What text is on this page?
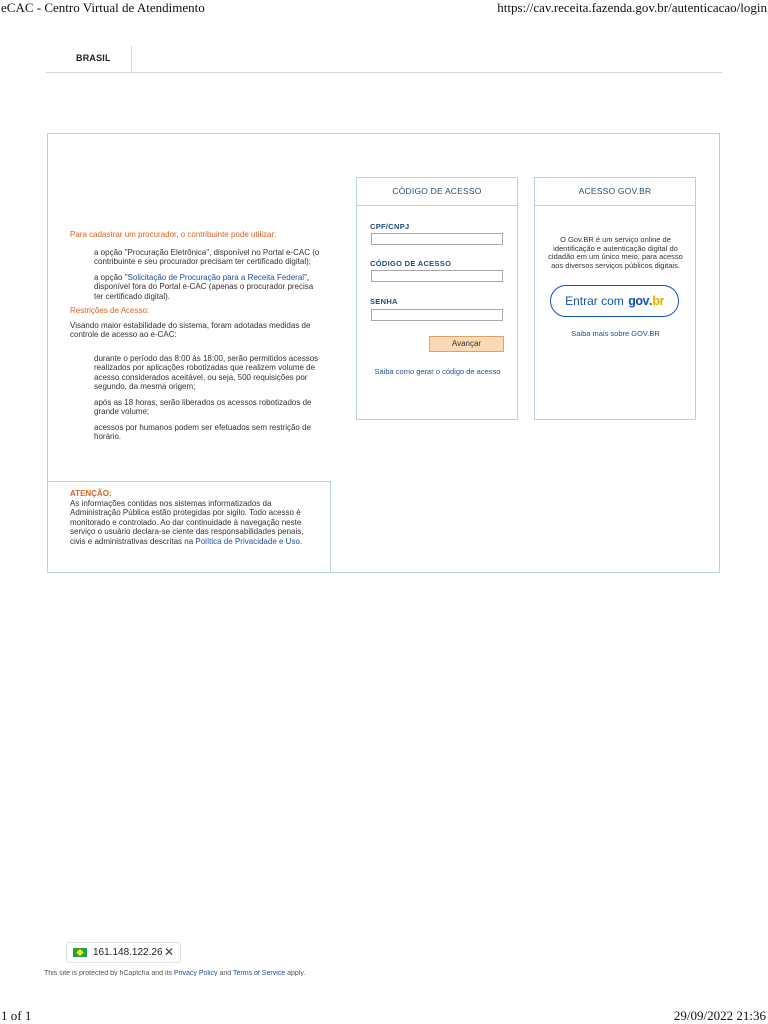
eCAC - Centro Virtual de Atendimento	https://cav.receita.fazenda.gov.br/autenticacao/login
BRASIL

Para cadastrar um procurador, o contribuinte pode utilizar:

a opção "Procuração Eletrônica", disponível no Portal e-CAC (o contribuinte e seu procurador precisam ter certificado digital);

a opção "Solicitação de Procuração para a Receita Federal", disponível fora do Portal e-CAC (apenas o procurador precisa ter certificado digital).

Restrições de Acesso:

Visando maior estabilidade do sistema, foram adotadas medidas de controle de acesso ao e-CAC:

durante o período das 8:00 às 18:00, serão permitidos acessos realizados por aplicações robotizadas que realizem volume de acesso considerados aceitável, ou seja, 500 requisições por segundo, da mesma origem;

após as 18 horas, serão liberados os acessos robotizados de grande volume;

acessos por humanos podem ser efetuados sem restrição de horário.

ATENÇÃO:
As informações contidas nos sistemas informatizados da Administração Pública estão protegidas por sigilo. Todo acesso é monitorado e controlado. Ao dar continuidade à navegação neste serviço o usuário declara-se ciente das responsabilidades penais, civis e administrativas descritas na Política de Privacidade e Uso.
CÓDIGO DE ACESSO
CPF/CNPJ
CÓDIGO DE ACESSO
SENHA
Avançar
Saiba como gerar o código de acesso
ACESSO GOV.BR
O Gov.BR é um serviço online de identificação e autenticação digital do cidadão em um único meio, para acesso aos diversos serviços públicos digitais.
Entrar com gov.br
Saiba mais sobre GOV.BR
161.148.122.26 ✕
This site is protected by hCaptcha and its Privacy Policy and Terms of Service apply.
1 of 1	29/09/2022 21:36
